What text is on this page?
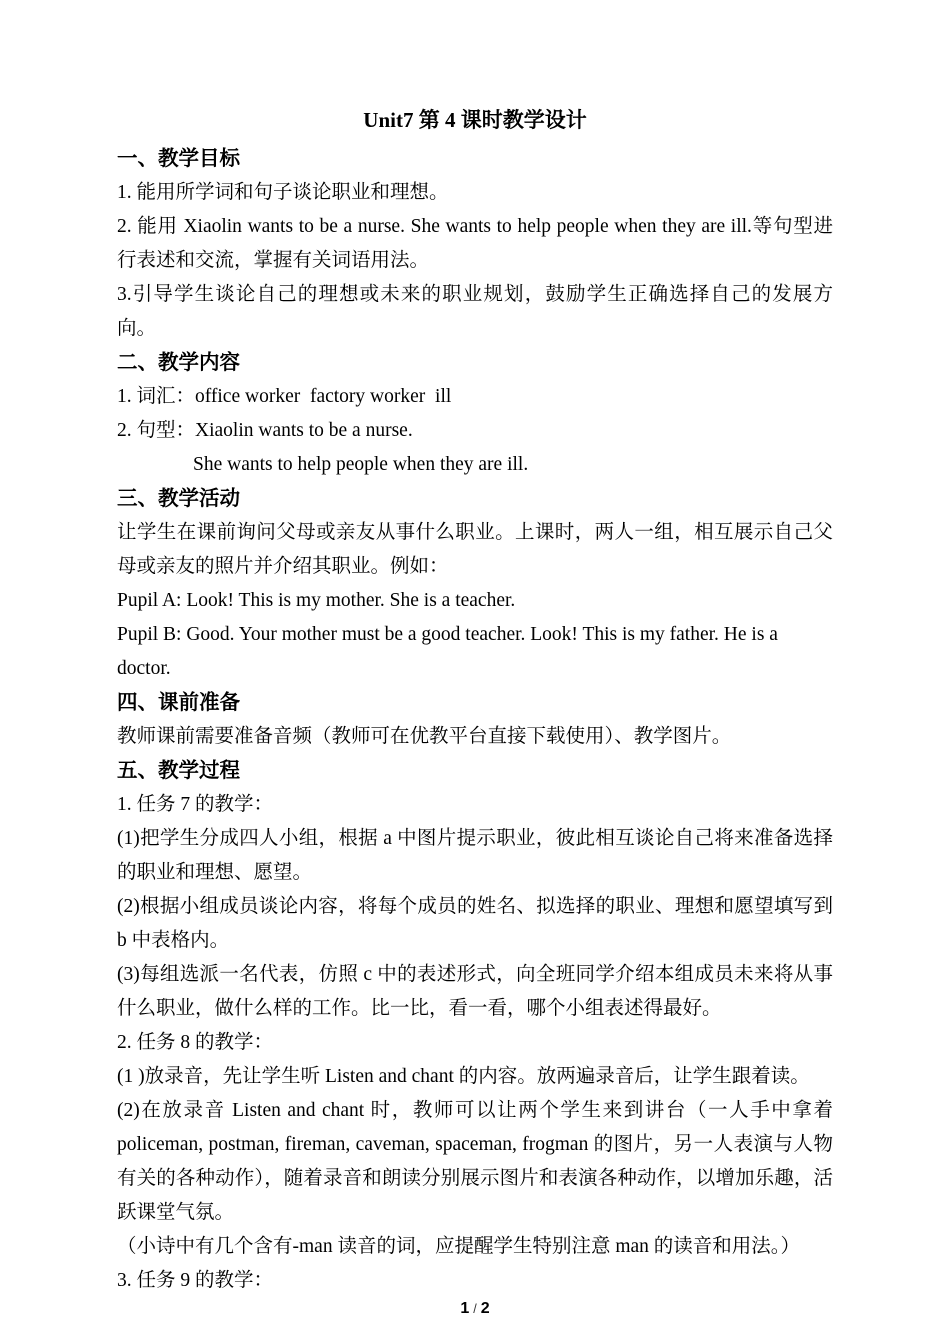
Unit7 第 4 课时教学设计
一、教学目标

1. 能用所学词和句子谈论职业和理想。

2. 能用 Xiaolin wants to be a nurse. She wants to help people when they are ill.等句型进行表述和交流，掌握有关词语用法。

3.引导学生谈论自己的理想或未来的职业规划，鼓励学生正确选择自己的发展方向。

二、教学内容

1. 词汇：office worker  factory worker  ill

2. 句型：Xiaolin wants to be a nurse.

She wants to help people when they are ill.

三、教学活动

让学生在课前询问父母或亲友从事什么职业。上课时，两人一组，相互展示自己父母或亲友的照片并介绍其职业。例如：

Pupil A: Look! This is my mother. She is a teacher.

Pupil B: Good. Your mother must be a good teacher. Look! This is my father. He is a doctor.

四、课前准备

教师课前需要准备音频（教师可在优教平台直接下载使用）、教学图片。

五、教学过程

1. 任务 7 的教学：

(1)把学生分成四人小组，根据 a 中图片提示职业，彼此相互谈论自己将来准备选择的职业和理想、愿望。

(2)根据小组成员谈论内容，将每个成员的姓名、拟选择的职业、理想和愿望填写到 b 中表格内。

(3)每组选派一名代表，仿照 c 中的表述形式，向全班同学介绍本组成员未来将从事什么职业，做什么样的工作。比一比，看一看，哪个小组表述得最好。

2. 任务 8 的教学：

(1 )放录音，先让学生听 Listen and chant 的内容。放两遍录音后，让学生跟着读。

(2)在放录音 Listen and chant 时，教师可以让两个学生来到讲台（一人手中拿着 policeman, postman, fireman, caveman, spaceman, frogman 的图片，另一人表演与人物有关的各种动作），随着录音和朗读分别展示图片和表演各种动作，以增加乐趣，活跃课堂气氛。

（小诗中有几个含有-man 读音的词，应提醒学生特别注意 man 的读音和用法。）

3. 任务 9 的教学：

1 / 2
